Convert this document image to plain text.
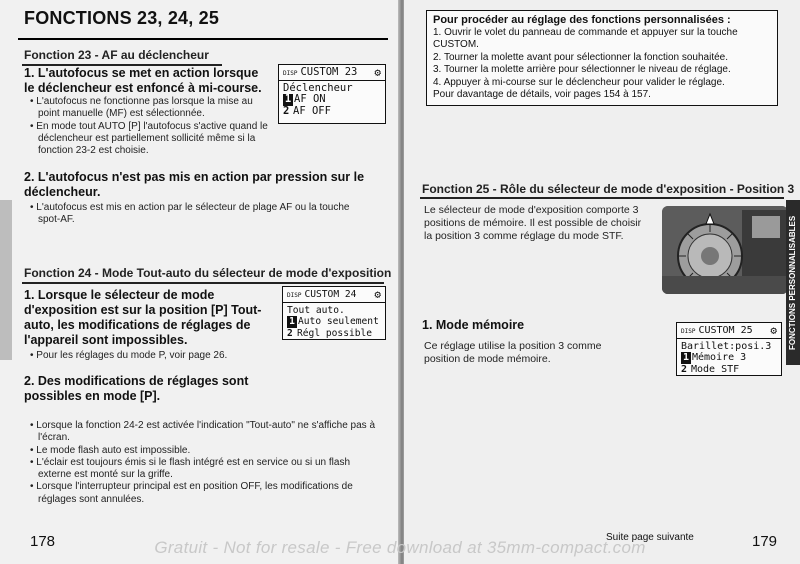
FONCTIONS 23, 24, 25
Fonction 23 - AF au déclencheur
1. L'autofocus se met en action lorsque le déclencheur est enfoncé à mi-course.
• L'autofocus ne fonctionne pas lorsque la mise au point manuelle (MF) est sélectionnée.
• En mode tout AUTO [P] l'autofocus s'active quand le déclencheur est partiellement sollicité même si la fonction 23-2 est choisie.
DISP CUSTOM 23 ⚙
Déclencheur
1 AF ON
2 AF OFF
2. L'autofocus n'est pas mis en action par pression sur le déclencheur.
• L'autofocus est mis en action par le sélecteur de plage AF ou la touche spot-AF.
Fonction 24 - Mode Tout-auto du sélecteur de mode d'exposition
1. Lorsque le sélecteur de mode d'exposition est sur la position [P] Tout-auto, les modifications de réglages de l'appareil sont impossibles.
• Pour les réglages du mode P, voir page 26.
DISP CUSTOM 24 ⚙
Tout auto.
1 Auto seulement
2 Régl possible
2. Des modifications de réglages sont possibles en mode [P].
• Lorsque la fonction 24-2 est activée l'indication "Tout-auto" ne s'affiche pas à l'écran.
• Le mode flash auto est impossible.
• L'éclair est toujours émis si le flash intégré est en service ou si un flash externe est monté sur la griffe.
• Lorsque l'interrupteur principal est en position OFF, les modifications de réglages sont annulées.
178
Pour procéder au réglage des fonctions personnalisées :
1. Ouvrir le volet du panneau de commande et appuyer sur la touche CUSTOM.
2. Tourner la molette avant pour sélectionner la fonction souhaitée.
3. Tourner la molette arrière pour sélectionner le niveau de réglage.
4. Appuyer à mi-course sur le déclencheur pour valider le réglage.
Pour davantage de détails, voir pages 154 à 157.
Fonction 25 - Rôle du sélecteur de mode d'exposition - Position 3
Le sélecteur de mode d'exposition comporte 3 positions de mémoire. Il est possible de choisir la position 3 comme réglage du mode STF.	FONCTIONS PERSONNALISABLES
1. Mode mémoire
Ce réglage utilise la position 3 comme position de mode mémoire.
DISP CUSTOM 25 ⚙
Barillet:posi.3
1 Mémoire 3
2 Mode STF
179
Suite page suivante
Gratuit - Not for resale - Free download at 35mm-compact.com
